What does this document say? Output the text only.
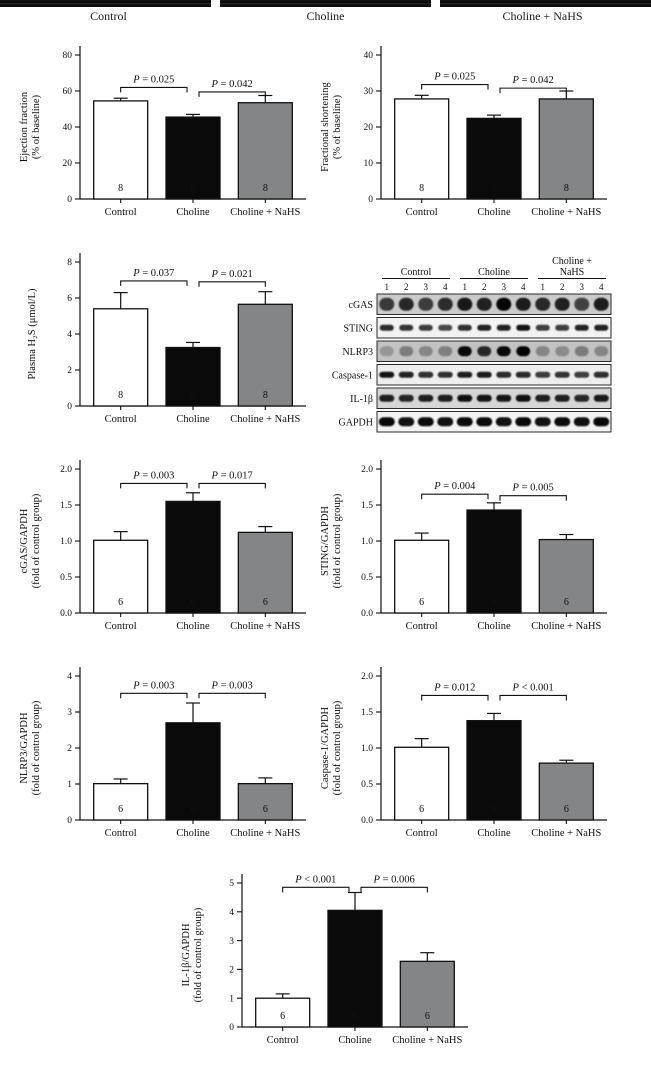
Control	Choline	Choline + NaHS
Ejection fraction(% of baseline)
0
20
40
60
80
8
Control
8
Choline
8
Choline + NaHS
P = 0.025	P = 0.042	Fractional shortening(% of baseline)
0
10
20
30
40
8
Control
8
Choline
8
Choline + NaHS
P = 0.025	P = 0.042
Plasma H₂S (μmol/L)
0
2
4
6
8
8
Control
8
Choline
8
Choline + NaHS
P = 0.037	P = 0.021	Control
1 2 3 4
Choline
1 2 3 4
Choline +
NaHS
1 2 3 4
cGAS
STING
NLRP3
Caspase-1
IL-1β
GAPDH
cGAS/GAPDH(fold of control group)
0.0
0.5
1.0
1.5
2.0
6
Control
6
Choline
6
Choline + NaHS
P = 0.003	P = 0.017
STING/GAPDH(fold of control group)
0.0
0.5
1.0
1.5
2.0
6
Control
6
Choline
6
Choline + NaHS
P = 0.004	P = 0.005
NLRP3/GAPDH(fold of control group)
0
1
2
3
4
6
Control
6
Choline
6
Choline + NaHS
P = 0.003	P = 0.003
Caspase-1/GAPDH(fold of control group)
0.0
0.5
1.0
1.5
2.0
6
Control
6
Choline
6
Choline + NaHS
P = 0.012	P < 0.001
IL-1β/GAPDH(fold of control group)
0
1
2
3
4
5
6
Control
6
Choline
6
Choline + NaHS
P < 0.001	P = 0.006
